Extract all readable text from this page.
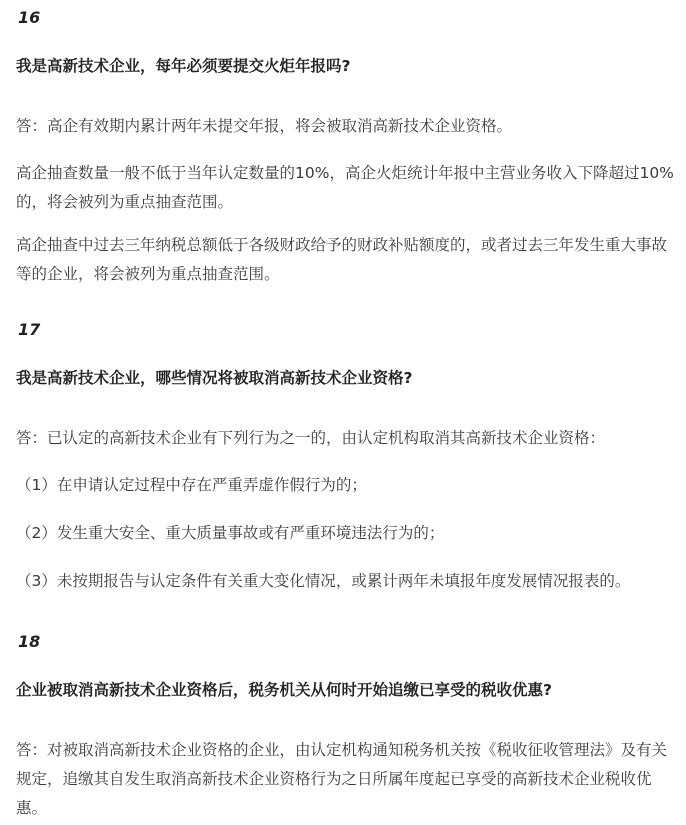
16
我是高新技术企业，每年必须要提交火炬年报吗?
答：高企有效期内累计两年未提交年报，将会被取消高新技术企业资格。
高企抽查数量一般不低于当年认定数量的10%，高企火炬统计年报中主营业务收入下降超过10%的，将会被列为重点抽查范围。
高企抽查中过去三年纳税总额低于各级财政给予的财政补贴额度的，或者过去三年发生重大事故等的企业，将会被列为重点抽查范围。
17
我是高新技术企业，哪些情况将被取消高新技术企业资格?
答：已认定的高新技术企业有下列行为之一的，由认定机构取消其高新技术企业资格：
（1）在申请认定过程中存在严重弄虚作假行为的；
（2）发生重大安全、重大质量事故或有严重环境违法行为的；
（3）未按期报告与认定条件有关重大变化情况，或累计两年未填报年度发展情况报表的。
18
企业被取消高新技术企业资格后，税务机关从何时开始追缴已享受的税收优惠?
答：对被取消高新技术企业资格的企业，由认定机构通知税务机关按《税收征收管理法》及有关规定，追缴其自发生取消高新技术企业资格行为之日所属年度起已享受的高新技术企业税收优惠。
